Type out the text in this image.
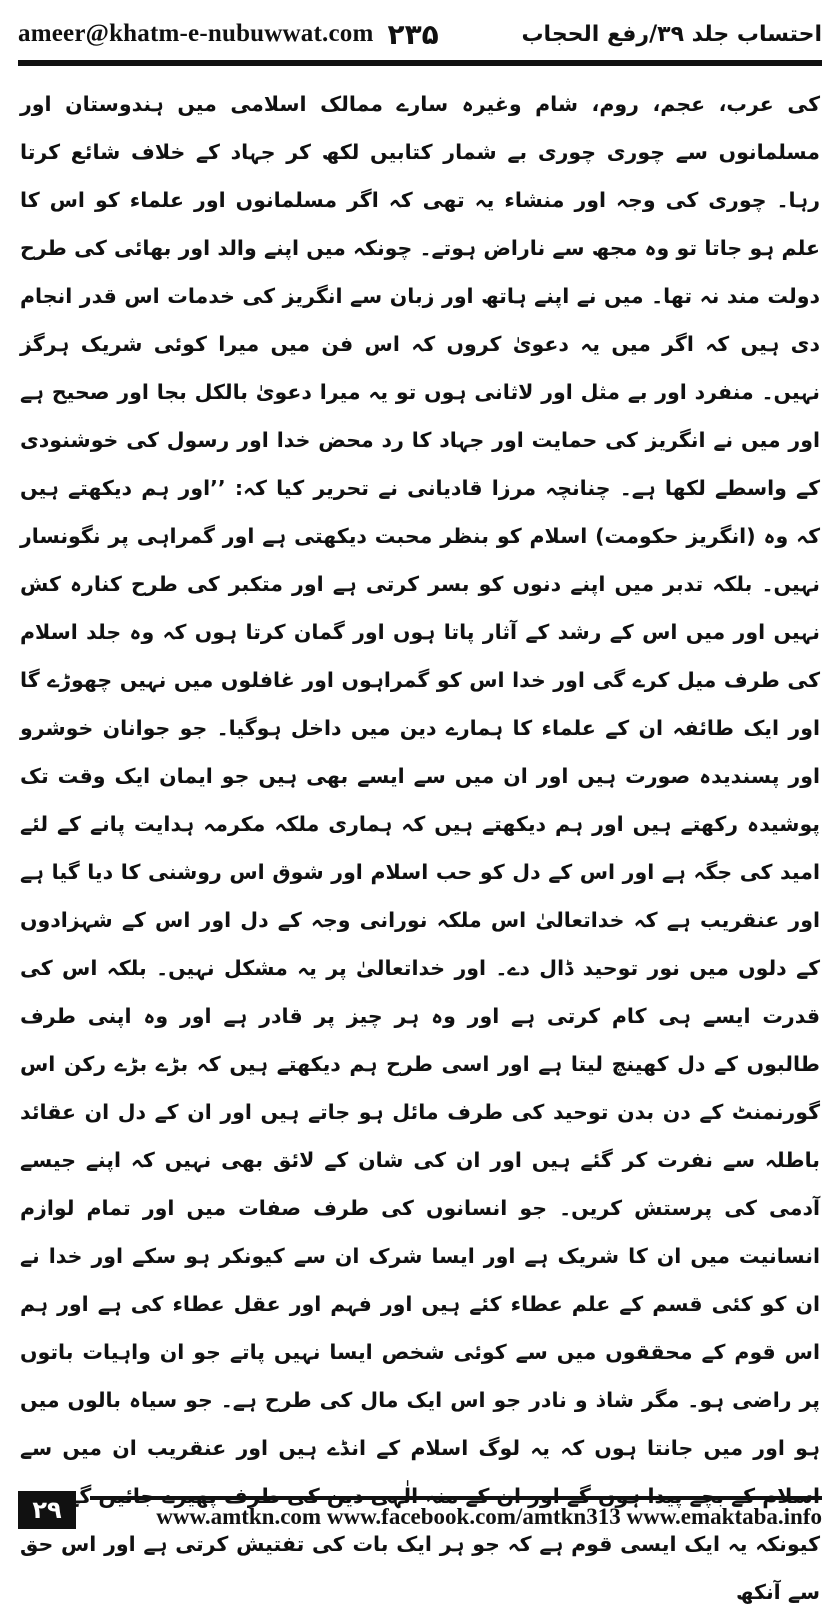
ameer@khatm-e-nubuwwat.com ۲۳۵	احتساب جلد ۳۹/رفع الحجاب

کی عرب، عجم، روم، شام وغیرہ سارے ممالک اسلامی میں ہندوستان اور مسلمانوں سے چوری چوری بے شمار کتابیں لکھ کر جہاد کے خلاف شائع کرتا رہا۔ چوری کی وجہ اور منشاء یہ تھی کہ اگر مسلمانوں اور علماء کو اس کا علم ہو جاتا تو وہ مجھ سے ناراض ہوتے۔ چونکہ میں اپنے والد اور بھائی کی طرح دولت مند نہ تھا۔ میں نے اپنے ہاتھ اور زبان سے انگریز کی خدمات اس قدر انجام دی ہیں کہ اگر میں یہ دعویٰ کروں کہ اس فن میں میرا کوئی شریک ہرگز نہیں۔ منفرد اور بے مثل اور لاثانی ہوں تو یہ میرا دعویٰ بالکل بجا اور صحیح ہے اور میں نے انگریز کی حمایت اور جہاد کا رد محض خدا اور رسول کی خوشنودی کے واسطے لکھا ہے۔ چنانچہ مرزا قادیانی نے تحریر کیا کہ: ’’اور ہم دیکھتے ہیں کہ وہ (انگریز حکومت) اسلام کو بنظر محبت دیکھتی ہے اور گمراہی پر نگونسار نہیں۔ بلکہ تدبر میں اپنے دنوں کو بسر کرتی ہے اور متکبر کی طرح کنارہ کش نہیں اور میں اس کے رشد کے آثار پاتا ہوں اور گمان کرتا ہوں کہ وہ جلد اسلام کی طرف میل کرے گی اور خدا اس کو گمراہوں اور غافلوں میں نہیں چھوڑے گا اور ایک طائفہ ان کے علماء کا ہمارے دین میں داخل ہوگیا۔ جو جوانان خوشرو اور پسندیدہ صورت ہیں اور ان میں سے ایسے بھی ہیں جو ایمان ایک وقت تک پوشیدہ رکھتے ہیں اور ہم دیکھتے ہیں کہ ہماری ملکہ مکرمہ ہدایت پانے کے لئے امید کی جگہ ہے اور اس کے دل کو حب اسلام اور شوق اس روشنی کا دیا گیا ہے اور عنقریب ہے کہ خداتعالیٰ اس ملکہ نورانی وجہ کے دل اور اس کے شہزادوں کے دلوں میں نور توحید ڈال دے۔ اور خداتعالیٰ پر یہ مشکل نہیں۔ بلکہ اس کی قدرت ایسے ہی کام کرتی ہے اور وہ ہر چیز پر قادر ہے اور وہ اپنی طرف طالبوں کے دل کھینچ لیتا ہے اور اسی طرح ہم دیکھتے ہیں کہ بڑے بڑے رکن اس گورنمنٹ کے دن بدن توحید کی طرف مائل ہو جاتے ہیں اور ان کے دل ان عقائد باطلہ سے نفرت کر گئے ہیں اور ان کی شان کے لائق بھی نہیں کہ اپنے جیسے آدمی کی پرستش کریں۔ جو انسانوں کی طرف صفات میں اور تمام لوازم انسانیت میں ان کا شریک ہے اور ایسا شرک ان سے کیونکر ہو سکے اور خدا نے ان کو کئی قسم کے علم عطاء کئے ہیں اور فہم اور عقل عطاء کی ہے اور ہم اس قوم کے محققوں میں سے کوئی شخص ایسا نہیں پاتے جو ان واہیات باتوں پر راضی ہو۔ مگر شاذ و نادر جو اس ایک مال کی طرح ہے۔ جو سیاہ بالوں میں ہو اور میں جانتا ہوں کہ یہ لوگ اسلام کے انڈے ہیں اور عنقریب ان میں سے

کیونکہ یہ ایک ایسی قوم ہے کہ جو ہر ایک بات کی تفتیش کرتی ہے اور اس حق سے آنکھ

۲۹	www.amtkn.com www.facebook.com/amtkn313 www.emaktaba.info
